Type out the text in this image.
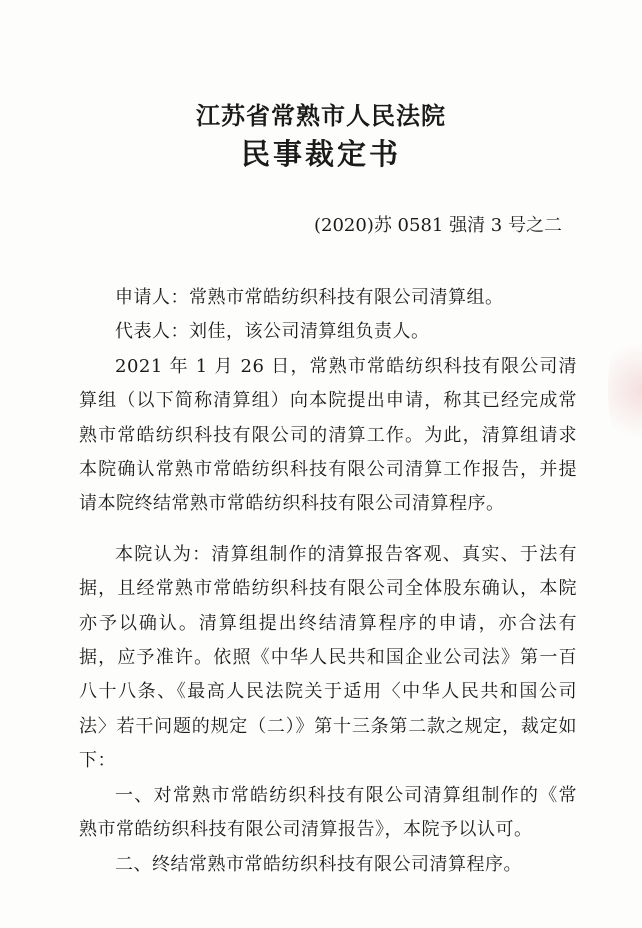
江苏省常熟市人民法院
民事裁定书
(2020)苏 0581 强清 3 号之二

申请人：常熟市常皓纺织科技有限公司清算组。

代表人：刘佳，该公司清算组负责人。

2021 年 1 月 26 日，常熟市常皓纺织科技有限公司清算组（以下简称清算组）向本院提出申请，称其已经完成常熟市常皓纺织科技有限公司的清算工作。为此，清算组请求本院确认常熟市常皓纺织科技有限公司清算工作报告，并提请本院终结常熟市常皓纺织科技有限公司清算程序。

本院认为：清算组制作的清算报告客观、真实、于法有据，且经常熟市常皓纺织科技有限公司全体股东确认，本院亦予以确认。清算组提出终结清算程序的申请，亦合法有据，应予准许。依照《中华人民共和国企业公司法》第一百八十八条、《最高人民法院关于适用〈中华人民共和国公司法〉若干问题的规定（二）》第十三条第二款之规定，裁定如下：

一、对常熟市常皓纺织科技有限公司清算组制作的《常熟市常皓纺织科技有限公司清算报告》，本院予以认可。

二、终结常熟市常皓纺织科技有限公司清算程序。
